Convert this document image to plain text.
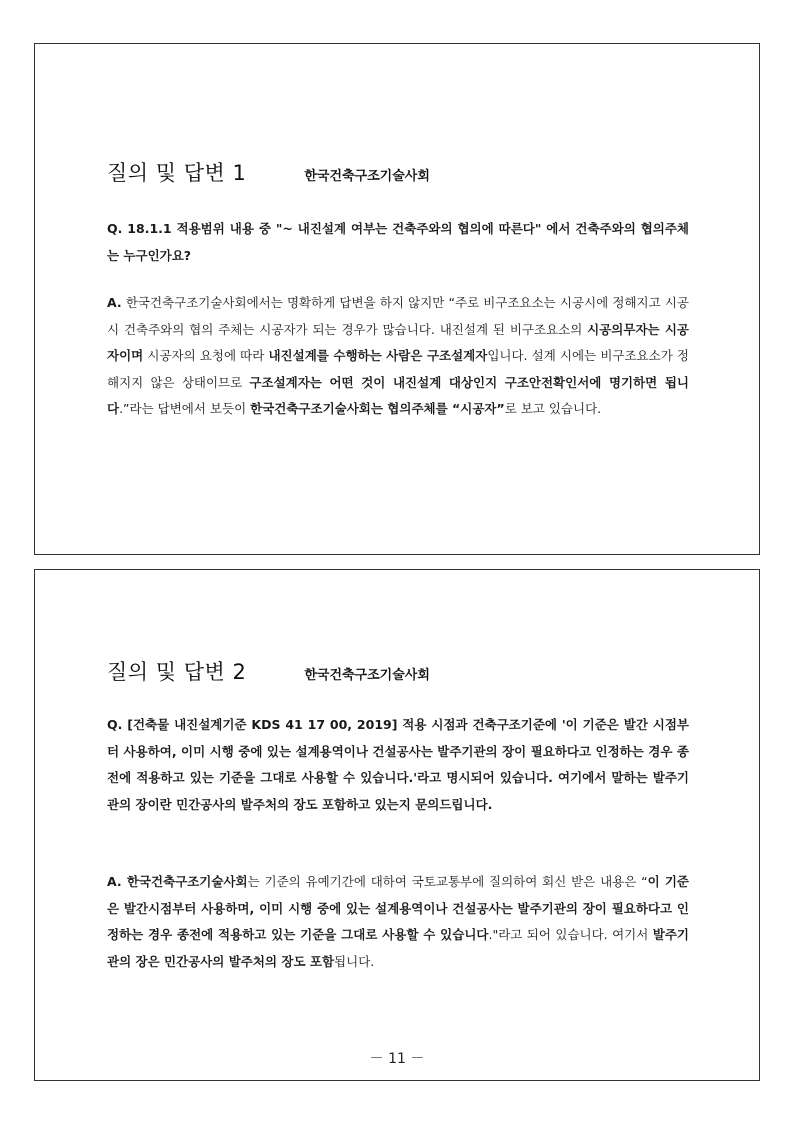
질의 및 답변 1	한국건축구조기술사회

Q. 18.1.1 적용범위 내용 중 "~ 내진설계 여부는 건축주와의 협의에 따른다" 에서 건축주와의 협의주체는 누구인가요?

A. 한국건축구조기술사회에서는 명확하게 답변을 하지 않지만 “주로 비구조요소는 시공시에 정해지고 시공 시 건축주와의 협의 주체는 시공자가 되는 경우가 많습니다. 내진설계 된 비구조요소의 시공의무자는 시공자이며 시공자의 요청에 따라 내진설계를 수행하는 사람은 구조설계자입니다. 설계 시에는 비구조요소가 정해지지 않은 상태이므로 구조설계자는 어떤 것이 내진설계 대상인지 구조안전확인서에 명기하면 됩니다.”라는 답변에서 보듯이 한국건축구조기술사회는 협의주체를 “시공자”로 보고 있습니다.

질의 및 답변 2	한국건축구조기술사회

Q. [건축물 내진설계기준 KDS 41 17 00, 2019] 적용 시점과 건축구조기준에 '이 기준은 발간 시점부터 사용하여, 이미 시행 중에 있는 설계용역이나 건설공사는 발주기관의 장이 필요하다고 인정하는 경우 종전에 적용하고 있는 기준을 그대로 사용할 수 있습니다.'라고 명시되어 있습니다. 여기에서 말하는 발주기관의 장이란 민간공사의 발주처의 장도 포함하고 있는지 문의드립니다.

A. 한국건축구조기술사회는 기준의 유예기간에 대하여 국토교통부에 질의하여 회신 받은 내용은 “이 기준은 발간시점부터 사용하며, 이미 시행 중에 있는 설계용역이나 건설공사는 발주기관의 장이 필요하다고 인정하는 경우 종전에 적용하고 있는 기준을 그대로 사용할 수 있습니다."라고 되어 있습니다. 여기서 발주기관의 장은 민간공사의 발주처의 장도 포함됩니다.

－ 11 －
